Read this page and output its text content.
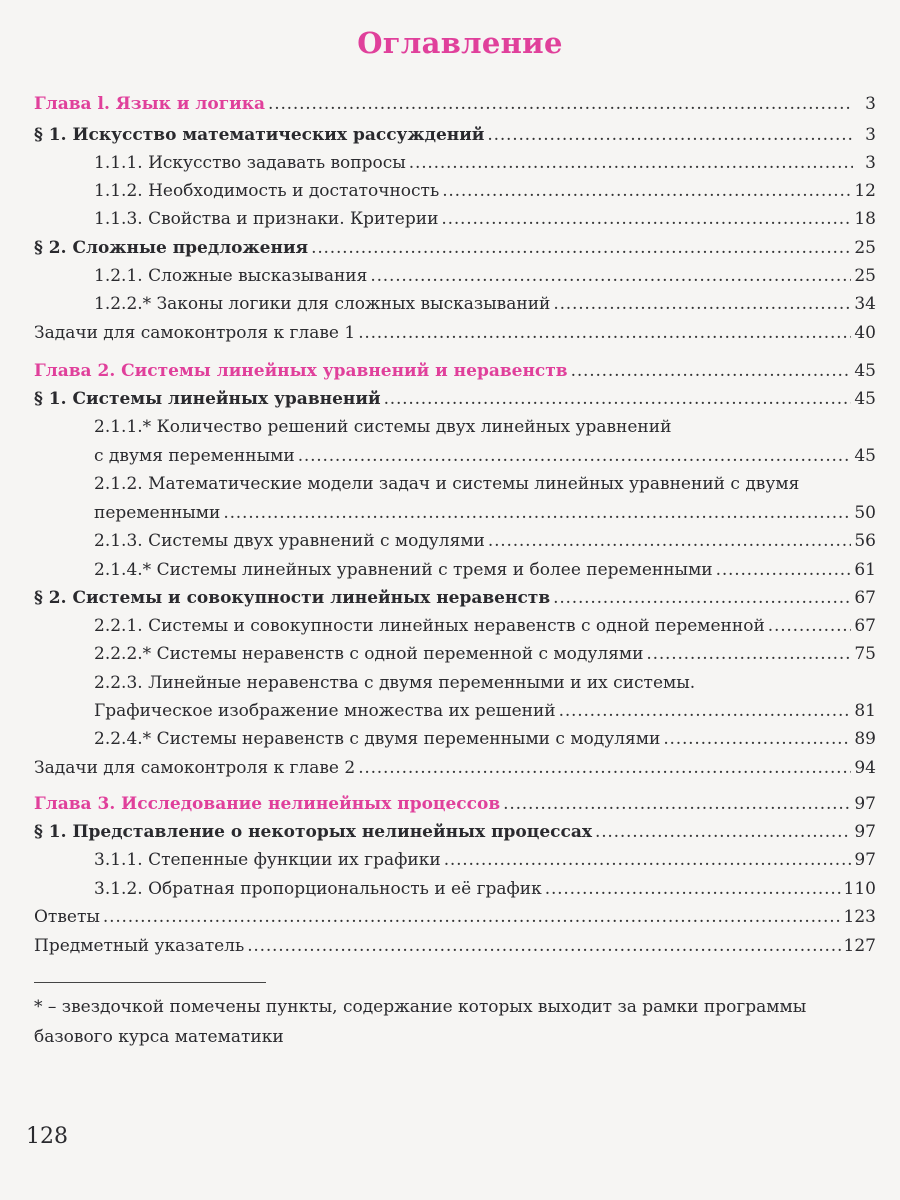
Оглавление
Глава l. Язык и логика . . .	3
§ 1. Искусство математических рассуждений . . .	3
1.1.1. Искусство задавать вопросы . . .	3
1.1.2. Необходимость и достаточность . . .	12
1.1.3. Свойства и признаки. Критерии . . .	18
§ 2. Сложные предложения . . .	25
1.2.1. Сложные высказывания . . .	25
1.2.2.* Законы логики для сложных высказываний . . .	34
Задачи для самоконтроля к главе 1 . . .	40
Глава 2. Системы линейных уравнений и неравенств . . .	45
§ 1. Системы линейных уравнений . . .	45
2.1.1.* Количество решений системы двух линейных уравнений
с двумя переменными . . .	45
2.1.2. Математические модели задач и системы линейных уравнений с двумя
переменными . . .	50
2.1.3. Системы двух уравнений с модулями . . .	56
2.1.4.* Системы линейных уравнений с тремя и более переменными . . .	61
§ 2. Системы и совокупности линейных неравенств . . .	67
2.2.1. Системы и совокупности линейных неравенств с одной переменной . . .	67
2.2.2.* Системы неравенств с одной переменной с модулями . . .	75
2.2.3. Линейные неравенства с двумя переменными и их системы.
Графическое изображение множества их решений . . .	81
2.2.4.* Системы неравенств с двумя переменными с модулями . . .	89
Задачи для самоконтроля к главе 2 . . .	94
Глава 3. Исследование нелинейных процессов . . .	97
§ 1. Представление о некоторых нелинейных процессах . . .	97
3.1.1. Степенные функции их графики . . .	97
3.1.2. Обратная пропорциональность и её график . . .	110
Ответы . . .	123
Предметный указатель . . .	127
* – звездочкой помечены пункты, содержание которых выходит за рамки программы базового курса математики
128
